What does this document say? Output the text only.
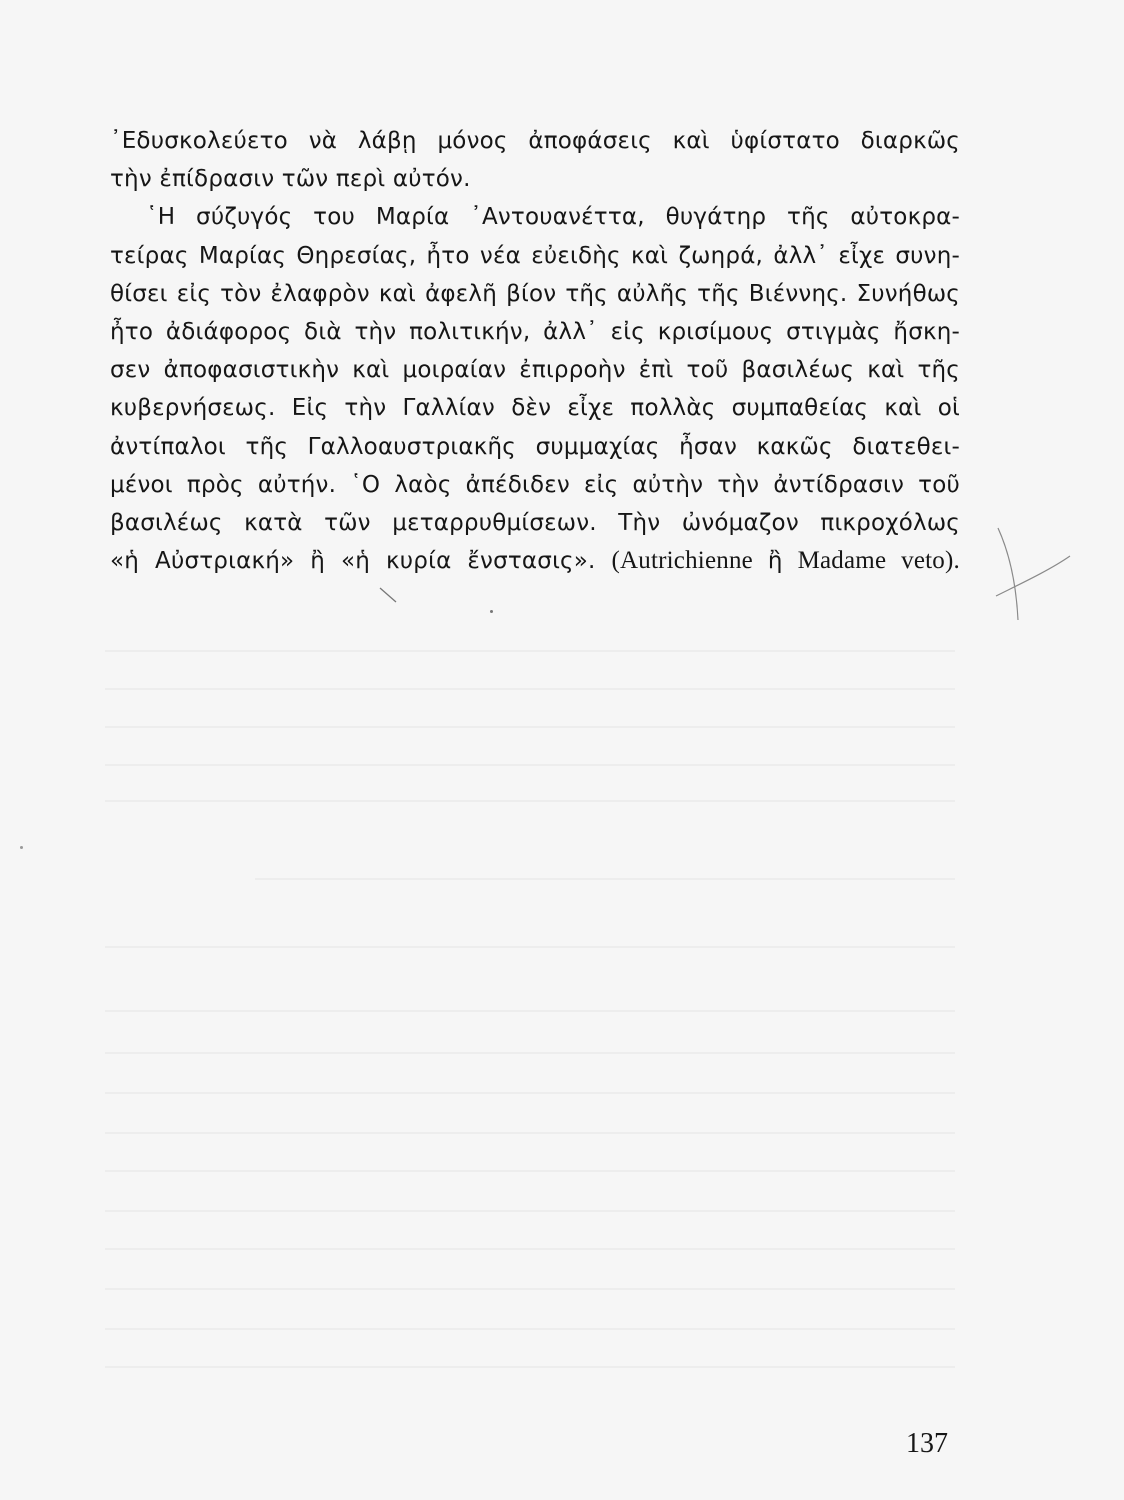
᾿Εδυσκολεύετο νὰ λάβῃ μόνος ἀποφάσεις καὶ ὑφίστατο διαρκῶς
τὴν ἐπίδρασιν τῶν περὶ αὐτόν.
῾Η σύζυγός του Μαρία ᾿Αντουανέττα, θυγάτηρ τῆς αὐτοκρα-
τείρας Μαρίας Θηρεσίας, ἦτο νέα εὐειδὴς καὶ ζωηρά, ἀλλ᾿ εἶχε συνη-
θίσει εἰς τὸν ἐλαφρὸν καὶ ἀφελῆ βίον τῆς αὐλῆς τῆς Βιέννης. Συνήθως
ἦτο ἀδιάφορος διὰ τὴν πολιτικήν, ἀλλ᾿ εἰς κρισίμους στιγμὰς ἤσκη-
σεν ἀποφασιστικὴν καὶ μοιραίαν ἐπιρροὴν ἐπὶ τοῦ βασιλέως καὶ τῆς
κυβερνήσεως. Εἰς τὴν Γαλλίαν δὲν εἶχε πολλὰς συμπαθείας καὶ οἱ
ἀντίπαλοι τῆς Γαλλοαυστριακῆς συμμαχίας ἦσαν κακῶς διατεθει-
μένοι πρὸς αὐτήν. ῾Ο λαὸς ἀπέδιδεν εἰς αὐτὴν τὴν ἀντίδρασιν τοῦ
βασιλέως κατὰ τῶν μεταρρυθμίσεων. Τὴν ὠνόμαζον πικροχόλως
«ἡ Αὐστριακή» ἢ «ἡ κυρία ἔνστασις». (Autrichienne ἢ Madame veto).
137
